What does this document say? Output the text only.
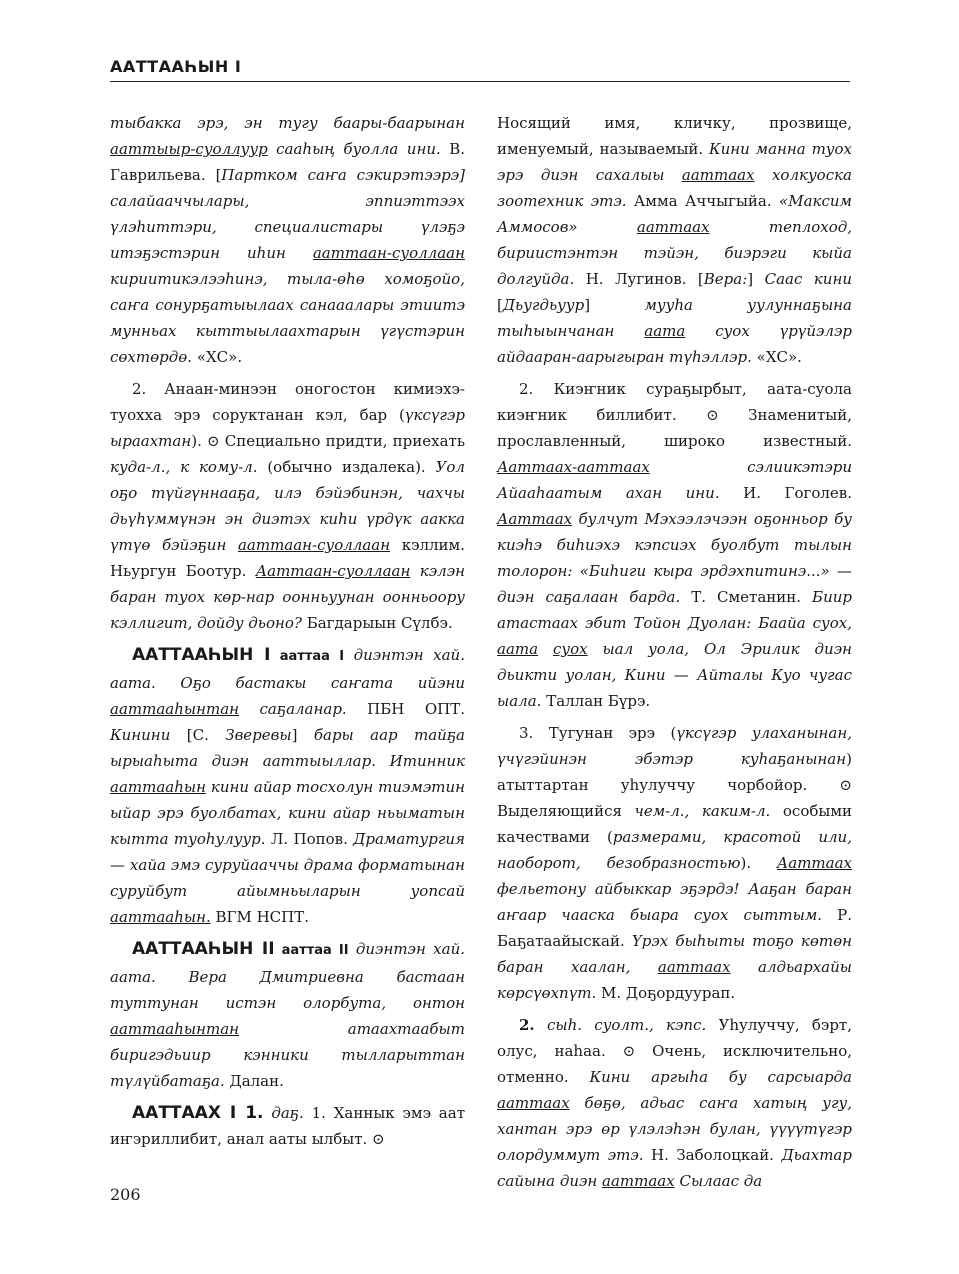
ААТТААҺЫН I

тыбакка эрэ, эн тугу баары-баарынан ааттыыр-суоллуур сааһың буолла ини. В. Гаврильева. [Партком саҥа сэкирэтээрэ] салайааччылары, эппиэттээх үлэһиттэри, специалистары үлэҕэ итэҕэстэрин иһин ааттаан-суоллаан кириитикэлээһинэ, тыла-өһө хомоҕойо, саҥа сонурҕатыылаах санааалары этиитэ мунньах кыттыылаахтарын үгүстэрин сөхтөрдө. «ХС».

2. Анаан-минээн оногостон кимиэхэ-туохха эрэ соруктанан кэл, бар (үксүгэр ыраахтан). ⊙ Специально придти, приехать куда-л., к кому-л. (обычно издалека). Уол оҕо түйгүннааҕа, илэ бэйэбинэн, чахчы дьүһүммүнэн эн диэтэх киһи үрдүк аакка үтүө бэйэҕин ааттаан-суоллаан кэллим. Ньургун Боотур. Ааттаан-суоллаан кэлэн баран туох көр-нар оонньуунан оонньоору кэллигит, дойду дьоно? Багдарыын Сүлбэ.

ААТТААҺЫН I ааттаа I диэнтэн хай. аата. Оҕо бастакы саҥата ийэни ааттааһынтан саҕаланар. ПБН ОПТ. Кинини [С. Зверевы] бары аар тайҕа ырыаһыта диэн ааттыыллар. Итинник ааттааһын кини айар тосхолун тиэмэтин ыйар эрэ буолбатах, кини айар ньыматын кытта туоһулуур. Л. Попов. Драматургия — хайа эмэ суруйааччы драма форматынан суруйбут айымньыларын уопсай ааттааһын. ВГМ НСПТ.

ААТТААҺЫН II ааттаа II диэнтэн хай. аата. Вера Дмитриевна бастаан туттунан истэн олорбута, онтон ааттааһынтан атаахтаабыт биригэдьиир кэнники тылларыттан түлүйбатаҕа. Далан.

ААТТААХ I 1. даҕ. 1. Ханнык эмэ аат иҥэриллибит, анал ааты ылбыт. ⊙

Носящий имя, кличку, прозвище, именуемый, называемый. Кини манна туох эрэ диэн сахалыы ааттаах холкуоска зоотехник этэ. Амма Аччыгыйа. «Максим Аммосов» ааттаах теплоход, бириистэнтэн тэйэн, биэрэги кыйа долгуйда. Н. Лугинов. [Вера:] Саас кини [Дьугдьуур] мууһа уулуннаҕына тыһыынчанан аата суох үрүйэлэр айдааран-аарыгыран түһэллэр. «ХС».

2. Киэҥник сураҕырбыт, аата-суола киэҥник биллибит. ⊙ Знаменитый, прославленный, широко известный. Ааттаах-ааттаах сэлиикэтэри Айааһаатым ахан ини. И. Гоголев. Ааттаах булчут Мэхээлэчээн оҕонньор бу киэһэ биһиэхэ кэпсиэх буолбут тылын толорон: «Биһиги кыра эрдэхпитинэ...» — диэн саҕалаан барда. Т. Сметанин. Биир атастаах эбит Тойон Дуолан: Баайа суох, аата суох ыал уола, Ол Эрилик диэн дьикти уолан, Кини — Айталы Куо чугас ыала. Таллан Бүрэ.

3. Тугунан эрэ (үксүгэр улаханынан, үчүгэйинэн эбэтэр куһаҕанынан) атыттартан уһулуччу чорбойор. ⊙ Выделяющийся чем-л., каким-л. особыми качествами (размерами, красотой или, наоборот, безобразностью). Ааттаах фельетону айбыккар эҕэрдэ! Ааҕан баран аҥаар чааска быара суох сыттым. Р. Баҕатаайыскай. Үрэх быһыты тоҕо көтөн баран хаалан, ааттаах алдьархайы көрсүөхпүт. М. Доҕордуурап.

2. сыһ. суолт., кэпс. Уһулуччу, бэрт, олус, наһаа. ⊙ Очень, исключительно, отменно. Кини аргыһа бу сарсыарда ааттаах бөҕө, адьас саҥа хатың угу, хантан эрэ өр үлэлэһэн булан, үүүүтүгэр олордуммут этэ. Н. Заболоцкай. Дьахтар сайына диэн ааттаах Сылаас да

206
